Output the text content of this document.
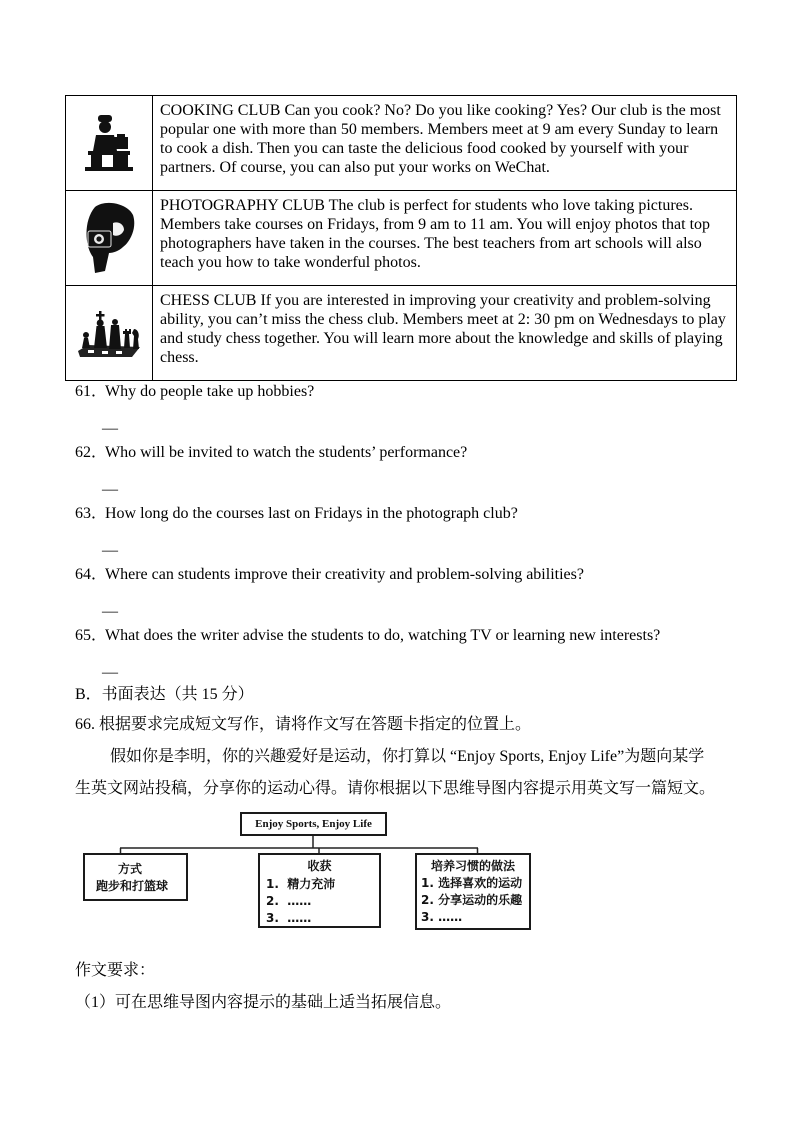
COOKING CLUB Can you cook? No? Do you like cooking? Yes? Our club is the most popular one with more than 50 members. Members meet at 9 am every Sunday to learn to cook a dish. Then you can taste the delicious food cooked by yourself with your partners. Of course, you can also put your works on WeChat.

PHOTOGRAPHY CLUB The club is perfect for students who love taking pictures. Members take courses on Fridays, from 9 am to 11 am. You will enjoy photos that top photographers have taken in the courses. The best teachers from art schools will also teach you how to take wonderful photos.

CHESS CLUB If you are interested in improving your creativity and problem-solving ability, you can’t miss the chess club. Members meet at 2: 30 pm on Wednesdays to play and study chess together. You will learn more about the knowledge and skills of playing chess.
61．Why do people take up hobbies?
—
62．Who will be invited to watch the students’ performance?
—
63．How long do the courses last on Fridays in the photograph club?
—
64．Where can students improve their creativity and problem-solving abilities?
—
65．What does the writer advise the students to do, watching TV or learning new interests?
—
B．书面表达（共 15 分）
66. 根据要求完成短文写作，请将作文写在答题卡指定的位置上。
假如你是李明，你的兴趣爱好是运动，你打算以 “Enjoy Sports, Enjoy Life”为题向某学
生英文网站投稿，分享你的运动心得。请你根据以下思维导图内容提示用英文写一篇短文。
Enjoy Sports, Enjoy Life
方式
跑步和打篮球
收获
1.  精力充沛
2.  ……
3.  ……
培养习惯的做法
1. 选择喜欢的运动
2. 分享运动的乐趣
3. ……
作文要求：
（1）可在思维导图内容提示的基础上适当拓展信息。
